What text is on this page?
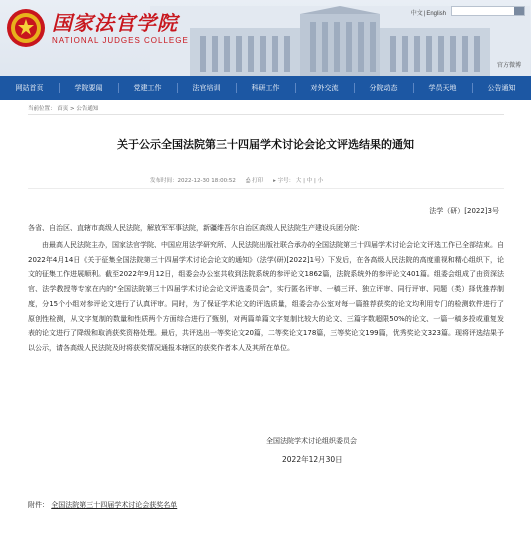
国家法官学院
NATIONAL JUDGES COLLEGE
中文|English
官方微博
网站首页	学院要闻	党建工作	法官培训	科研工作	对外交流	分院动态	学员天地	公告通知
当前位置： 首页 > 公告通知
关于公示全国法院第三十四届学术讨论会论文评选结果的通知
发布时间：2022-12-30 18:00:52 ⎙ 打印 ▸ 字号： 大 | 中 | 小
法学（研）[2022]3号
各省、自治区、直辖市高级人民法院，解放军军事法院，新疆维吾尔自治区高级人民法院生产建设兵团分院：
由最高人民法院主办，国家法官学院、中国应用法学研究所、人民法院出版社联合承办的全国法院第三十四届学术讨论会论文评选工作已全部结束。自2022年4月14日《关于征集全国法院第三十四届学术讨论会论文的通知》（法学(研)[2022]1号）下发后，在各高级人民法院的高度重视和精心组织下，论文的征集工作进展顺利。截至2022年9月12日，组委会办公室共收到法院系统的参评论文1862篇，法院系统外的参评论文401篇。组委会组成了由资深法官、法学教授等专家在内的“全国法院第三十四届学术讨论会论文评选委员会”，实行匿名评审、一稿三评、独立评审、同行评审、同题（类）择优推荐制度，分15个小组对参评论文进行了认真评审。同时，为了保证学术论文的评选质量，组委会办公室对每一篇推荐获奖的论文均利用专门的检测软件进行了原创性检测，从文字复制的数量和性质两个方面综合进行了甄别，对两篇单篇文字复制比较大的论文、三篇字数超限50%的论文、一篇一稿多投或重复发表的论文进行了降级和取消获奖资格处理。最后，共评选出一等奖论文20篇，二等奖论文178篇，三等奖论文199篇，优秀奖论文323篇。现将评选结果予以公示，请各高级人民法院及时将获奖情况通报本辖区的获奖作者本人及其所在单位。
全国法院学术讨论组织委员会
2022年12月30日
附件： 全国法院第三十四届学术讨论会获奖名单
